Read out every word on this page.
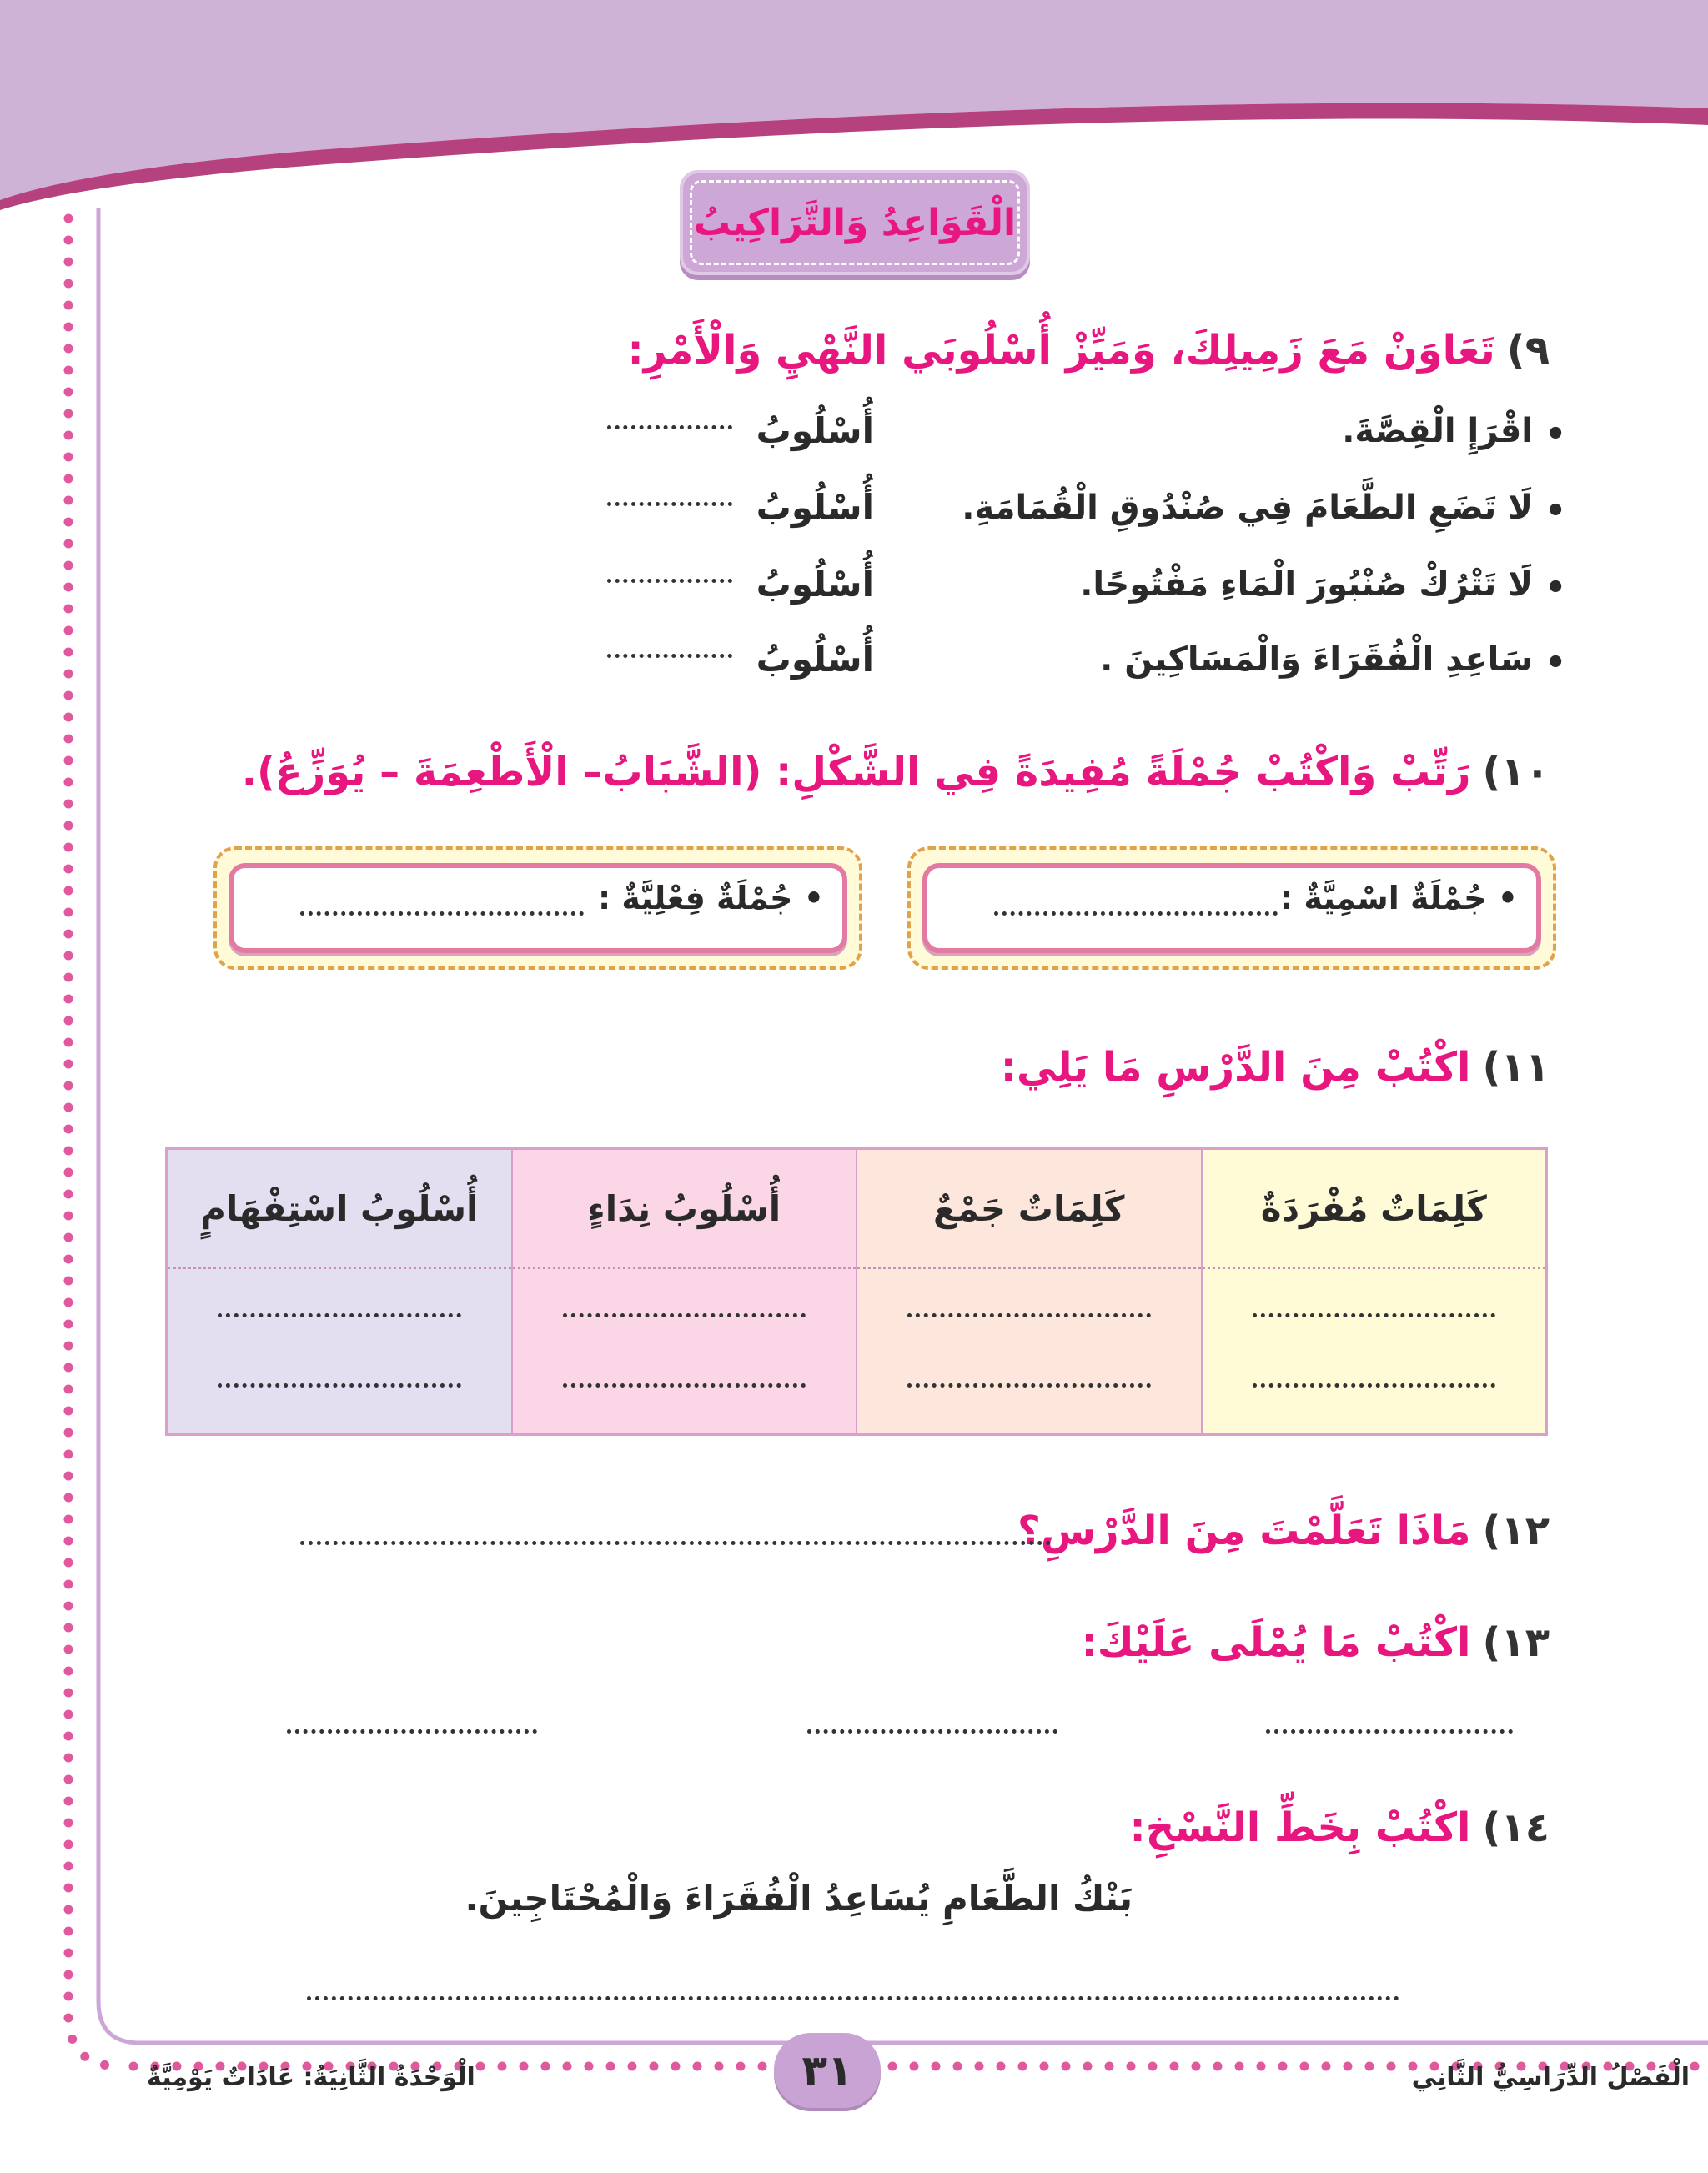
الْقَوَاعِدُ وَالتَّرَاكِيبُ
٩)تَعَاوَنْ مَعَ زَمِيلِكَ، وَمَيِّزْ أُسْلُوبَي النَّهْيِ وَالْأَمْرِ:
•
اقْرَإِ الْقِصَّةَ.
أُسْلُوبُ
•
لَا تَضَعِ الطَّعَامَ فِي صُنْدُوقِ الْقُمَامَةِ.
أُسْلُوبُ
•
لَا تَتْرُكْ صُنْبُورَ الْمَاءِ مَفْتُوحًا.
أُسْلُوبُ
•
سَاعِدِ الْفُقَرَاءَ وَالْمَسَاكِينَ .
أُسْلُوبُ
١٠)رَتِّبْ وَاكْتُبْ جُمْلَةً مُفِيدَةً فِي الشَّكْلِ: (الشَّبَابُ– الْأَطْعِمَةَ – يُوَزِّعُ).
• جُمْلَةٌ اسْمِيَّةٌ :
• جُمْلَةٌ فِعْلِيَّةٌ :
١١)اكْتُبْ مِنَ الدَّرْسِ مَا يَلِي:
كَلِمَاتٌ مُفْرَدَةٌ
كَلِمَاتٌ جَمْعٌ
أُسْلُوبُ نِدَاءٍ
أُسْلُوبُ اسْتِفْهَامٍ
١٢)مَاذَا تَعَلَّمْتَ مِنَ الدَّرْسِ؟
١٣)اكْتُبْ مَا يُمْلَى عَلَيْكَ:
١٤)اكْتُبْ بِخَطِّ النَّسْخِ:
بَنْكُ الطَّعَامِ يُسَاعِدُ الْفُقَرَاءَ وَالْمُحْتَاجِينَ.
٣١
الْوَحْدَةُ الثَّانِيَةُ: عَادَاتٌ يَوْمِيَّةٌ	الْفَصْلُ الدِّرَاسِيُّ الثَّانِي
